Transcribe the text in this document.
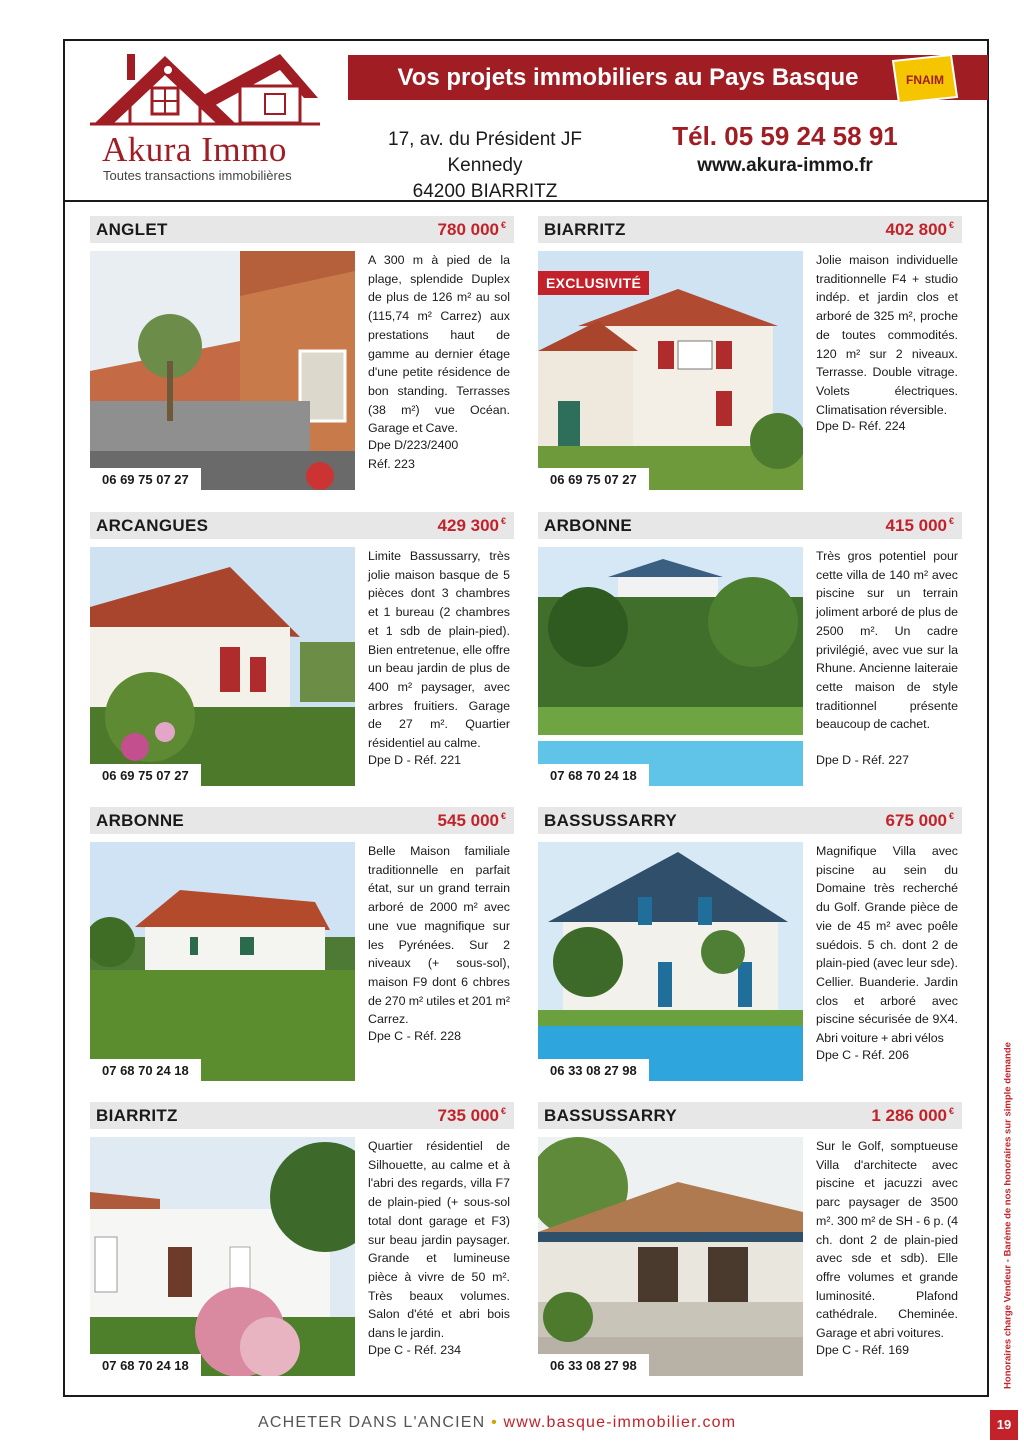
Akura Immo
Toutes transactions immobilières
Vos projets immobiliers au Pays Basque	FNAIM
17, av. du Président JF Kennedy
64200 BIARRITZ
Tél. 05 59 24 58 91
www.akura-immo.fr
ANGLET	780 000 €
06 69 75 07 27
A 300 m à pied de la plage, splendide Duplex de plus de 126 m² au sol (115,74 m² Carrez) aux prestations haut de gamme au dernier étage d'une petite résidence de bon standing. Terrasses (38 m²) vue Océan. Garage et Cave.
Dpe D/223/2400
Réf. 223
BIARRITZ	402 800 €
EXCLUSIVITÉ
06 69 75 07 27
Jolie maison individuelle traditionnelle F4 + studio indép. et jardin clos et arboré de 325 m², proche de toutes commodités. 120 m² sur 2 niveaux. Terrasse. Double vitrage. Volets électriques. Climatisation réversible.
Dpe D- Réf. 224
ARCANGUES	429 300 €
06 69 75 07 27
Limite Bassussarry, très jolie maison basque de 5 pièces dont 3 chambres et 1 bureau (2 chambres et 1 sdb de plain-pied). Bien entretenue, elle offre un beau jardin de plus de 400 m² paysager, avec arbres fruitiers. Garage de 27 m². Quartier résidentiel au calme.
Dpe D - Réf. 221
ARBONNE	415 000 €
07 68 70 24 18
Très gros potentiel pour cette villa de 140 m² avec piscine sur un terrain joliment arboré de plus de 2500 m². Un cadre privilégié, avec vue sur la Rhune. Ancienne laiteraie cette maison de style traditionnel présente beaucoup de cachet.
Dpe D - Réf. 227
ARBONNE	545 000 €
07 68 70 24 18
Belle Maison familiale traditionnelle en parfait état, sur un grand terrain arboré de 2000 m² avec une vue magnifique sur les Pyrénées. Sur 2 niveaux (+ sous-sol), maison F9 dont 6 chbres de 270 m² utiles et 201 m² Carrez.
Dpe C - Réf. 228
BASSUSSARRY	675 000 €
06 33 08 27 98
Magnifique Villa avec piscine au sein du Domaine très recherché du Golf. Grande pièce de vie de 45 m² avec poêle suédois. 5 ch. dont 2 de plain-pied (avec leur sde). Cellier. Buanderie. Jardin clos et arboré avec piscine sécurisée de 9X4. Abri voiture + abri vélos
Dpe C - Réf. 206
BIARRITZ	735 000 €
07 68 70 24 18
Quartier résidentiel de Silhouette, au calme et à l'abri des regards, villa F7 de plain-pied (+ sous-sol total dont garage et F3) sur beau jardin paysager. Grande et lumineuse pièce à vivre de 50 m². Très beaux volumes. Salon d'été et abri bois dans le jardin.
Dpe C - Réf. 234
BASSUSSARRY	1 286 000 €
06 33 08 27 98
Sur le Golf, somptueuse Villa d'architecte avec piscine et jacuzzi avec parc paysager de 3500 m². 300 m² de SH - 6 p. (4 ch. dont 2 de plain-pied avec sde et sdb). Elle offre volumes et grande luminosité. Plafond cathédrale. Cheminée. Garage et abri voitures.
Dpe C - Réf. 169	Honoraires charge Vendeur - Barème de nos honoraires sur simple demande
ACHETER DANS L'ANCIEN • www.basque-immobilier.com	19
